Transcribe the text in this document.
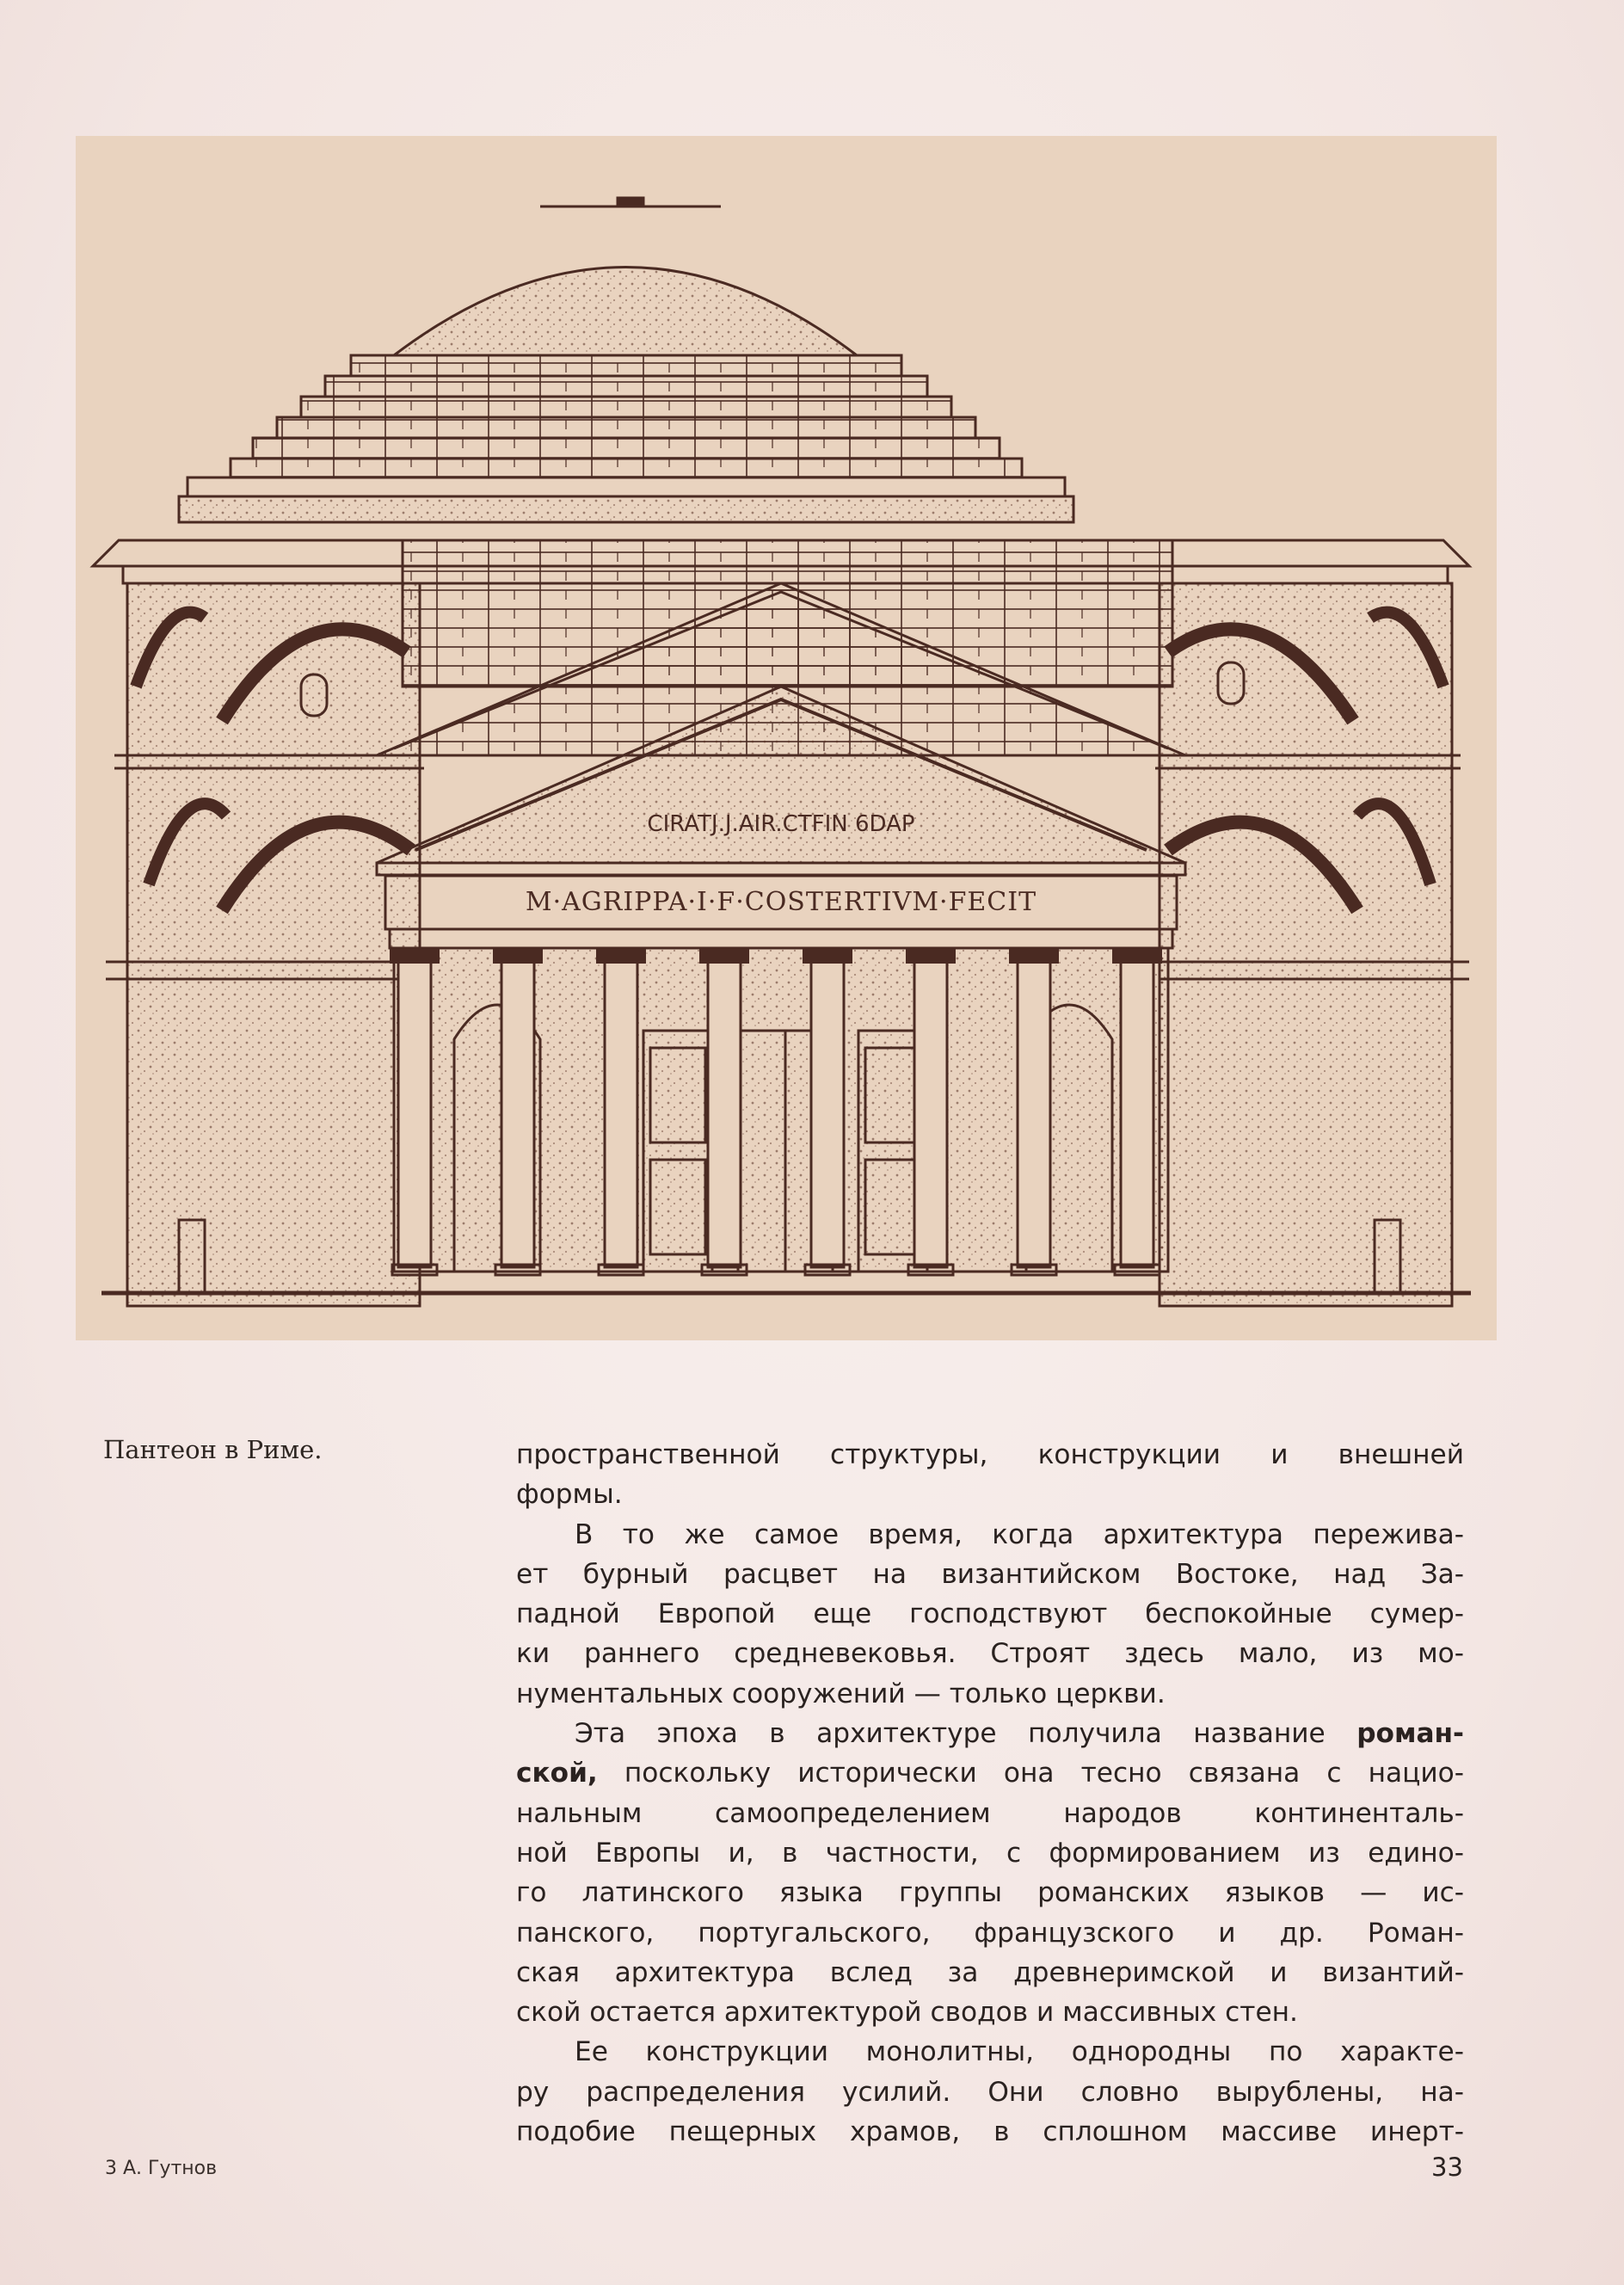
CIRATJ.J.AIR.CTFIN 6DAP
M·AGRIPPA·I·F·COSTERTIVM·FECIT
Пантеон в Риме.	пространственной структуры, конструкции и внешней
формы.
В то же самое время, когда архитектура пережива-
ет бурный расцвет на византийском Востоке, над За-
падной Европой еще господствуют беспокойные сумер-
ки раннего средневековья. Строят здесь мало, из мо-
нументальных сооружений — только церкви.
Эта эпоха в архитектуре получила название роман-
ской, поскольку исторически она тесно связана с нацио-
нальным самоопределением народов континенталь-
ной Европы и, в частности, с формированием из едино-
го латинского языка группы романских языков — ис-
панского, португальского, французского и др. Роман-
ская архитектура вслед за древнеримской и византий-
ской остается архитектурой сводов и массивных стен.
Ее конструкции монолитны, однородны по характе-
ру распределения усилий. Они словно вырублены, на-
подобие пещерных храмов, в сплошном массиве инерт-
3 А. Гутнов	33
